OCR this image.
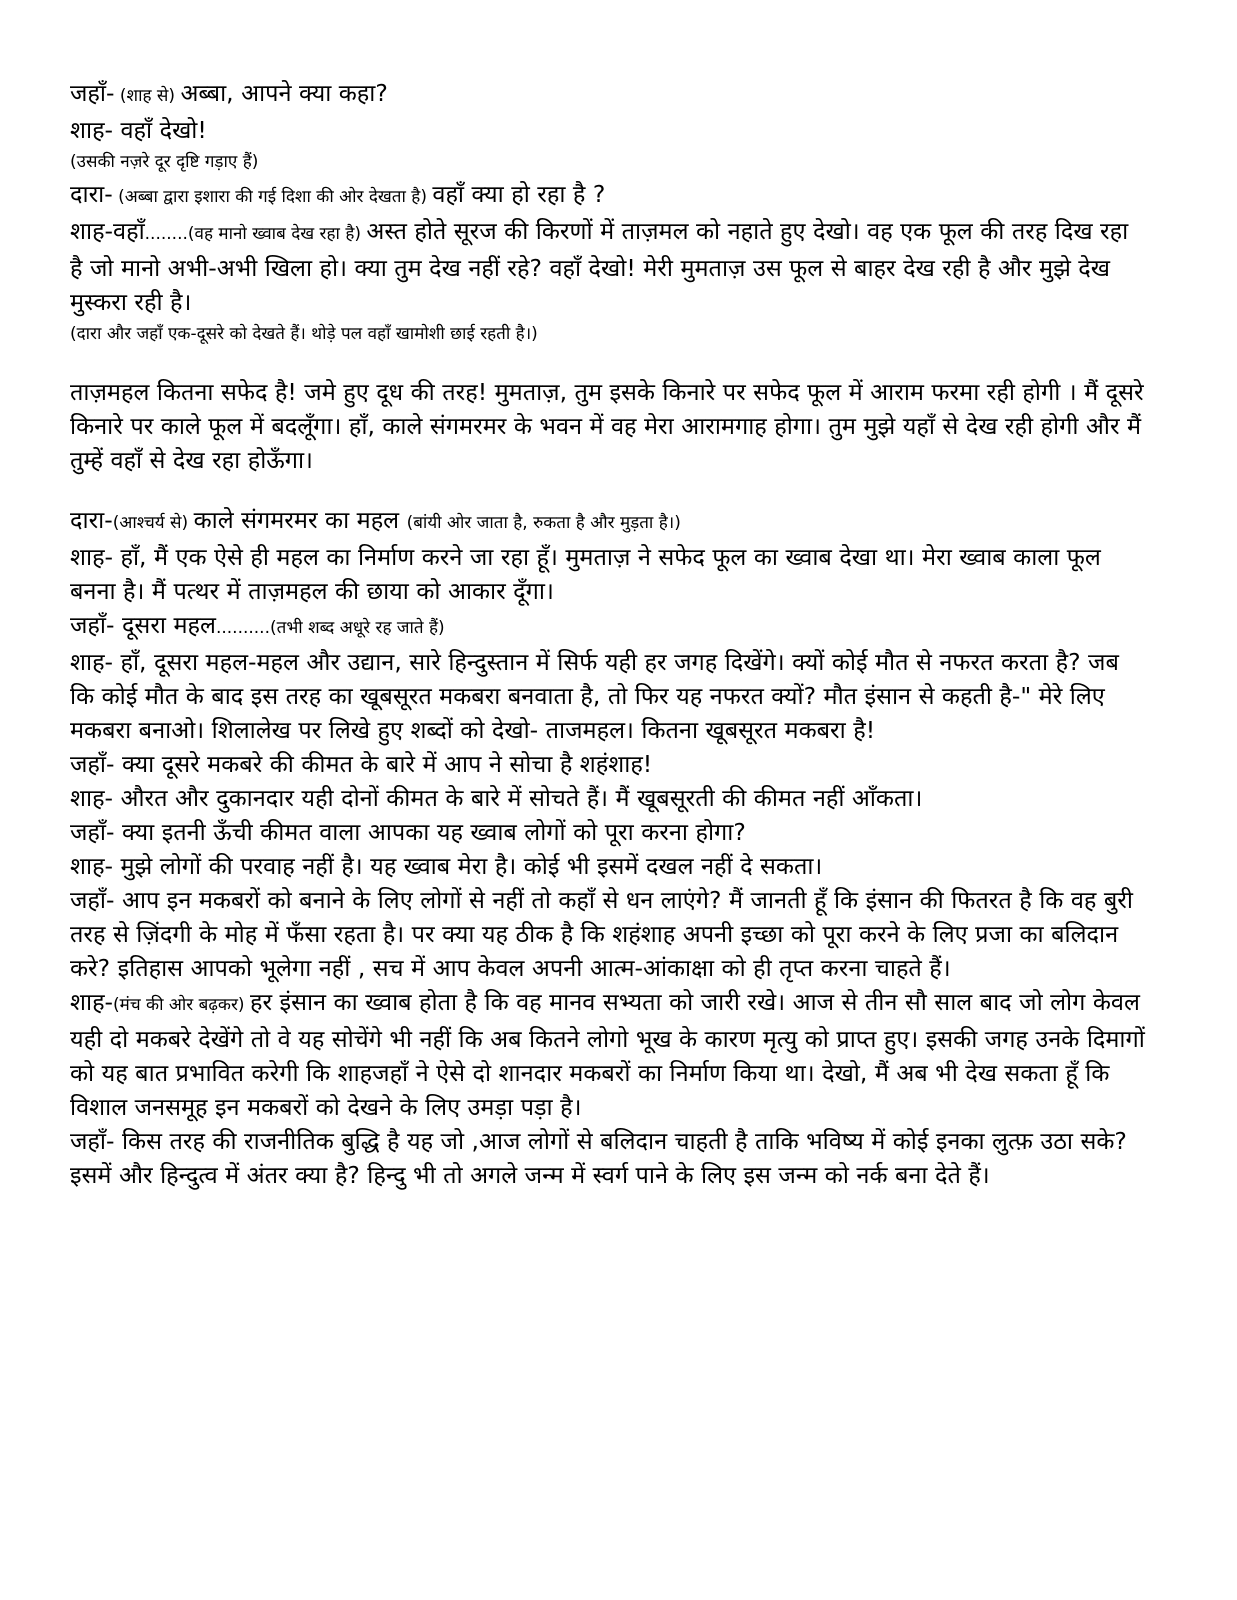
जहाँ- (शाह से) अब्बा, आपने क्या कहा?

शाह- वहाँ देखो!

(उसकी नज़रे दूर दृष्टि गड़ाए हैं)

दारा- (अब्बा द्वारा इशारा की गई दिशा की ओर देखता है) वहाँ क्या हो रहा है ?

शाह-वहाँ........(वह मानो ख्वाब देख रहा है) अस्त होते सूरज की किरणों में ताज़मल को नहाते हुए देखो। वह एक फूल की तरह दिख रहा है जो मानो अभी-अभी खिला हो। क्या तुम देख नहीं रहे? वहाँ देखो! मेरी मुमताज़ उस फूल से बाहर देख रही है और मुझे देख मुस्करा रही है।

(दारा और जहाँ एक-दूसरे को देखते हैं। थोड़े पल वहाँ खामोशी छाई रहती है।)

ताज़महल कितना सफेद है! जमे हुए दूध की तरह! मुमताज़, तुम इसके किनारे पर सफेद फूल में आराम फरमा रही होगी । मैं दूसरे किनारे पर काले फूल में बदलूँगा। हाँ, काले संगमरमर के भवन में वह मेरा आरामगाह होगा। तुम मुझे यहाँ से देख रही होगी और मैं तुम्हें वहाँ से देख रहा होऊँगा।

दारा-(आश्चर्य से) काले संगमरमर का महल (बांयी ओर जाता है, रुकता है और मुड़ता है।)

शाह- हाँ, मैं एक ऐसे ही महल का निर्माण करने जा रहा हूँ। मुमताज़ ने सफेद फूल का ख्वाब देखा था। मेरा ख्वाब काला फूल बनना है। मैं पत्थर में ताज़महल की छाया को आकार दूँगा।

जहाँ- दूसरा महल..........(तभी शब्द अधूरे रह जाते हैं)

शाह- हाँ, दूसरा महल-महल और उद्यान, सारे हिन्दुस्तान में सिर्फ यही हर जगह दिखेंगे। क्यों कोई मौत से नफरत करता है? जब कि कोई मौत के बाद इस तरह का खूबसूरत मकबरा बनवाता है, तो फिर यह नफरत क्यों? मौत इंसान से कहती है-" मेरे लिए मकबरा बनाओ। शिलालेख पर लिखे हुए शब्दों को देखो- ताजमहल। कितना खूबसूरत मकबरा है!

जहाँ- क्या दूसरे मकबरे की कीमत के बारे में आप ने सोचा है शहंशाह!

शाह- औरत और दुकानदार यही दोनों कीमत के बारे में सोचते हैं। मैं खूबसूरती की कीमत नहीं आँकता।

जहाँ- क्या इतनी ऊँची कीमत वाला आपका यह ख्वाब लोगों को पूरा करना होगा?

शाह- मुझे लोगों की परवाह नहीं है। यह ख्वाब मेरा है। कोई भी इसमें दखल नहीं दे सकता।

जहाँ- आप इन मकबरों को बनाने के लिए लोगों से नहीं तो कहाँ से धन लाएंगे? मैं जानती हूँ कि इंसान की फितरत है कि वह बुरी तरह से ज़िंदगी के मोह में फँसा रहता है। पर क्या यह ठीक है कि शहंशाह अपनी इच्छा को पूरा करने के लिए प्रजा का बलिदान करे? इतिहास आपको भूलेगा नहीं , सच में आप केवल अपनी आत्म-आंकाक्षा को ही तृप्त करना चाहते हैं।

शाह-(मंच की ओर बढ़कर) हर इंसान का ख्वाब होता है कि वह मानव सभ्यता को जारी रखे। आज से तीन सौ साल बाद जो लोग केवल यही दो मकबरे देखेंगे तो वे यह सोचेंगे भी नहीं कि अब कितने लोगो भूख के कारण मृत्यु को प्राप्त हुए। इसकी जगह उनके दिमागों को यह बात प्रभावित करेगी कि शाहजहाँ ने ऐसे दो शानदार मकबरों का निर्माण किया था। देखो, मैं अब भी देख सकता हूँ कि विशाल जनसमूह इन मकबरों को देखने के लिए उमड़ा पड़ा है।

जहाँ- किस तरह की राजनीतिक बुद्धि है यह जो ,आज लोगों से बलिदान चाहती है ताकि भविष्य में कोई इनका लुत्फ़ उठा सके? इसमें और हिन्दुत्व में अंतर क्या है? हिन्दु भी तो अगले जन्म में स्वर्ग पाने के लिए इस जन्म को नर्क बना देते हैं।
